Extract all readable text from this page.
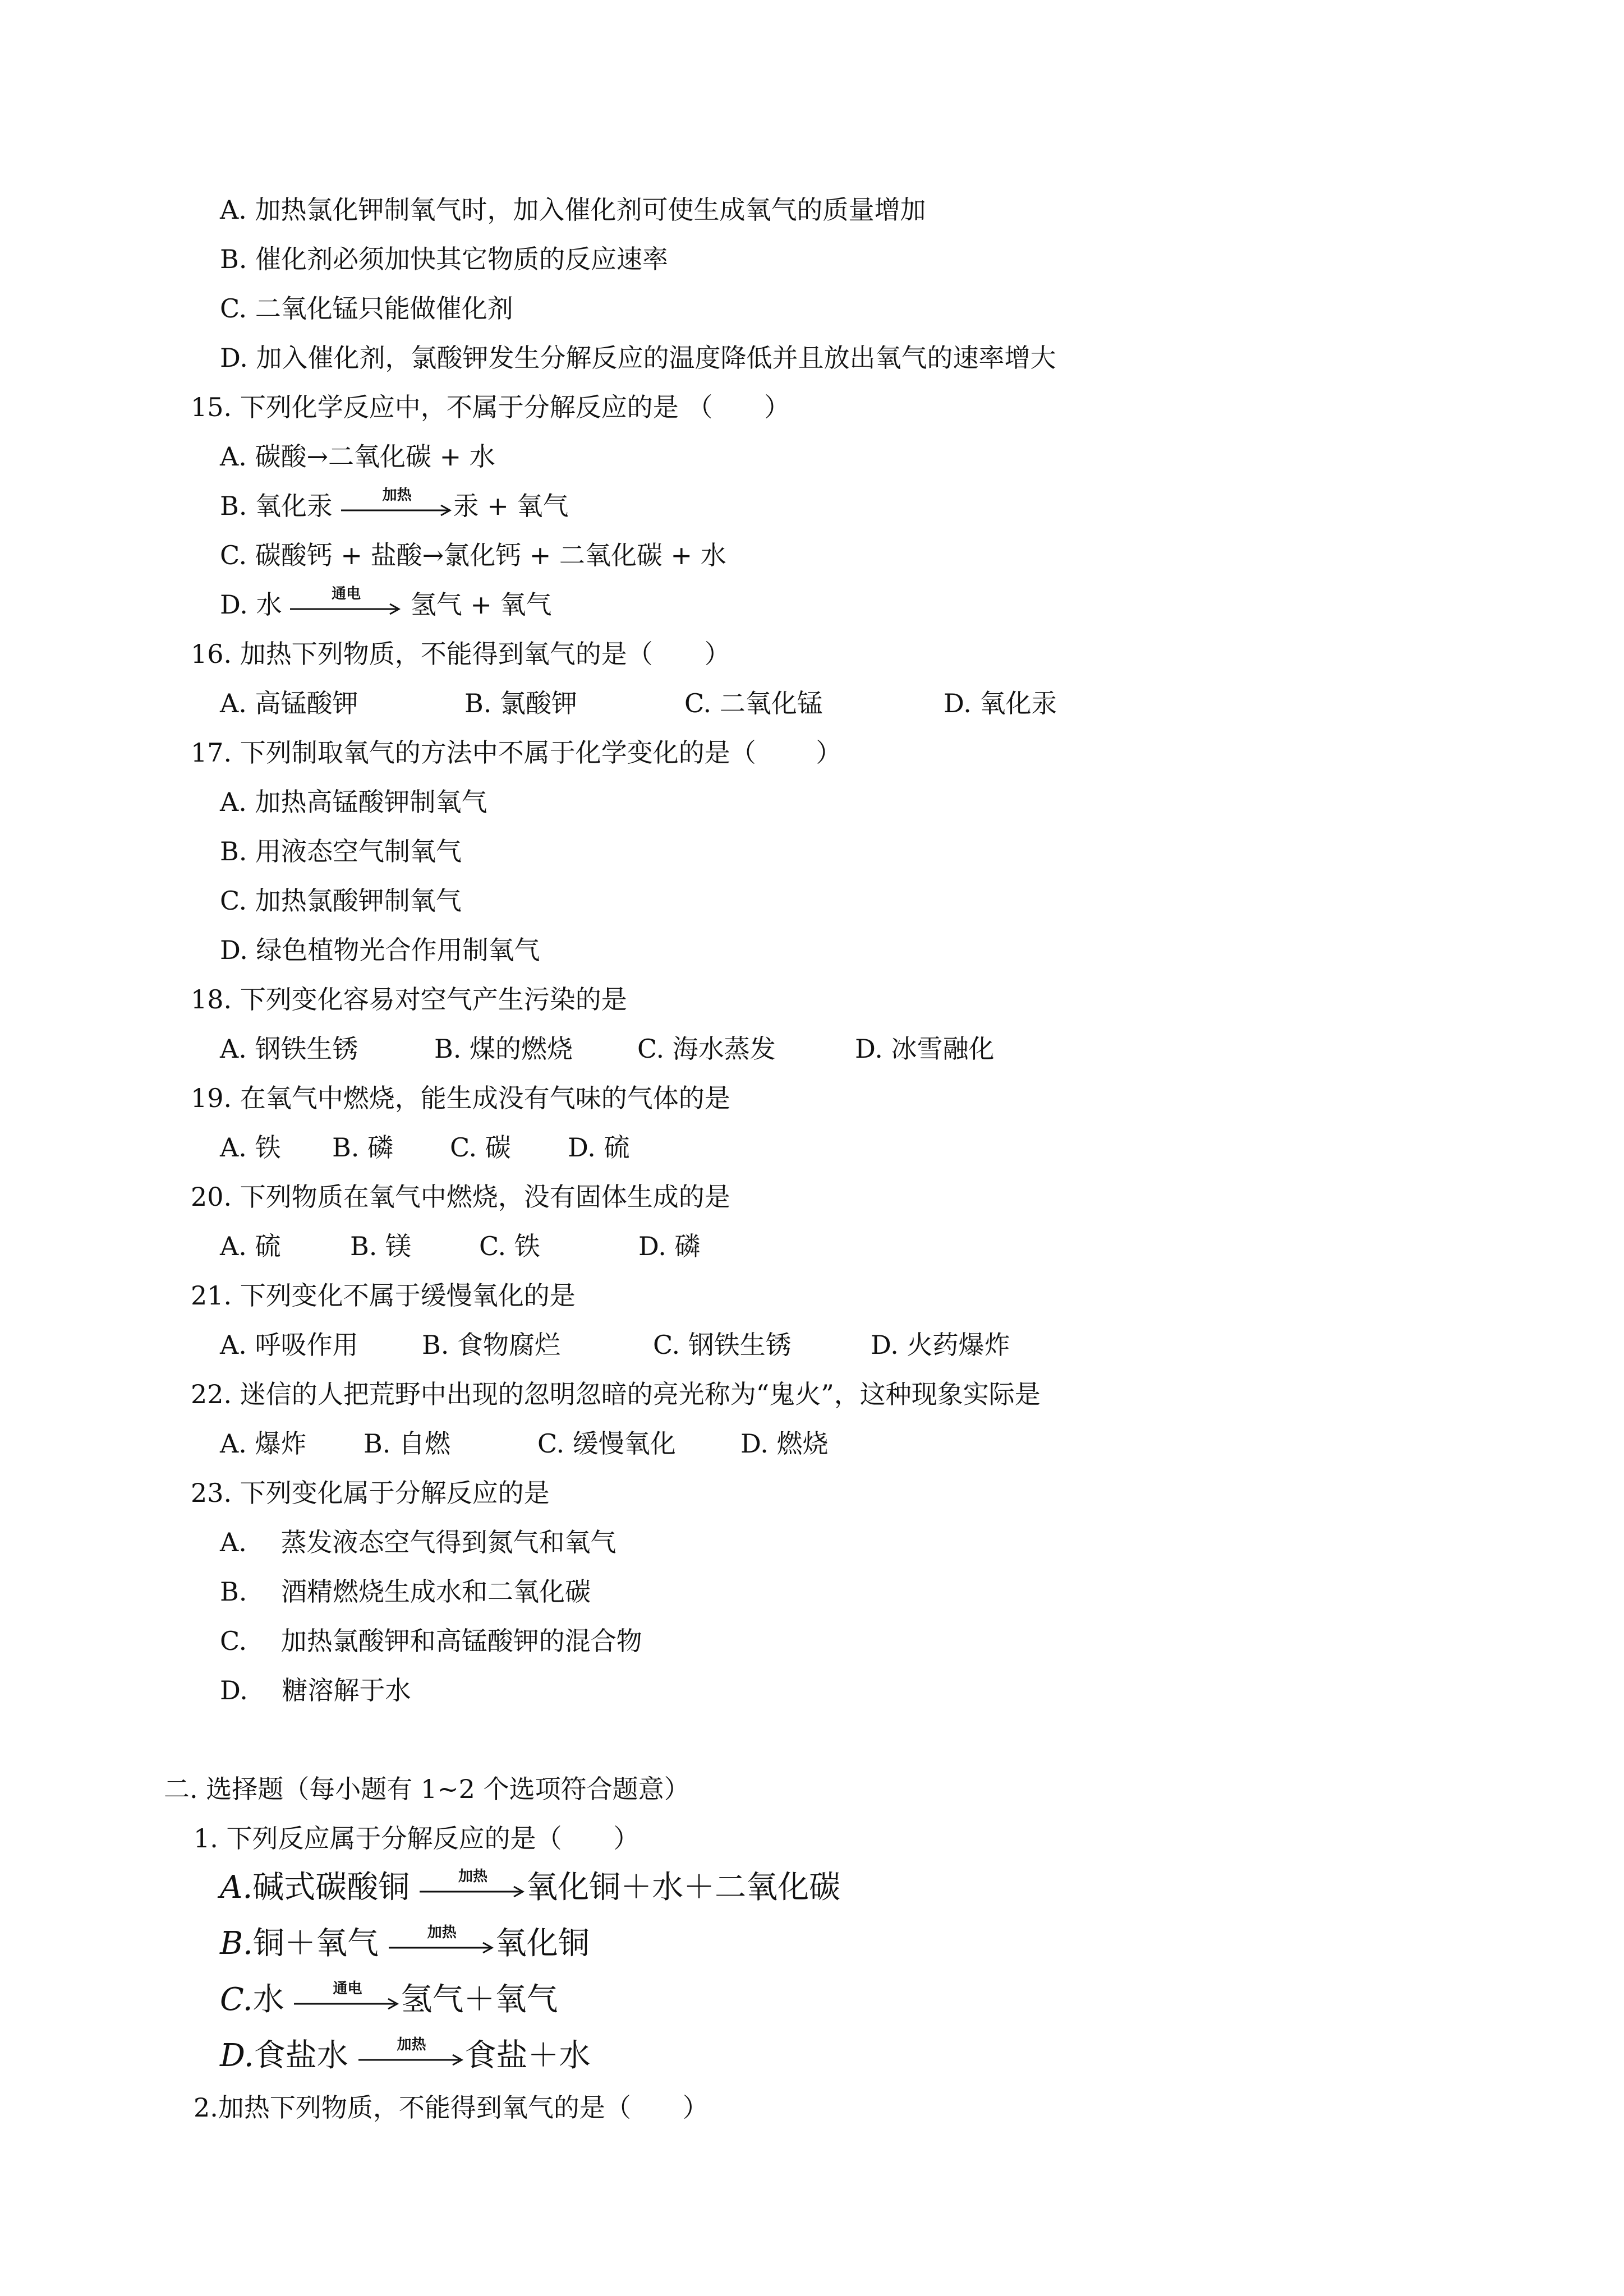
A. 加热氯化钾制氧气时，加入催化剂可使生成氧气的质量增加
B. 催化剂必须加快其它物质的反应速率
C. 二氧化锰只能做催化剂
D. 加入催化剂，氯酸钾发生分解反应的温度降低并且放出氧气的速率增大
15. 下列化学反应中，不属于分解反应的是 （　　）
A. 碳酸→二氧化碳 + 水
B. 氧化汞	加热	汞 + 氧气
C. 碳酸钙 + 盐酸→氯化钙 + 二氧化碳 + 水
D. 水	通电	氢气 + 氧气
16. 加热下列物质，不能得到氧气的是（　　）
A. 高锰酸钾	B. 氯酸钾	C. 二氧化锰	D. 氧化汞
17. 下列制取氧气的方法中不属于化学变化的是（　　 ）
A. 加热高锰酸钾制氧气
B. 用液态空气制氧气
C. 加热氯酸钾制氧气
D. 绿色植物光合作用制氧气
18. 下列变化容易对空气产生污染的是
A. 钢铁生锈	B. 煤的燃烧 C. 海水蒸发	D. 冰雪融化
19. 在氧气中燃烧，能生成没有气味的气体的是
A. 铁 B. 磷 C. 碳 D. 硫
20. 下列物质在氧气中燃烧，没有固体生成的是
A. 硫	B. 镁	C. 铁	D. 磷
21. 下列变化不属于缓慢氧化的是
A. 呼吸作用 B. 食物腐烂	C. 钢铁生锈	D. 火药爆炸
22. 迷信的人把荒野中出现的忽明忽暗的亮光称为“鬼火”，这种现象实际是
A. 爆炸 B. 自燃	C. 缓慢氧化	D. 燃烧
23. 下列变化属于分解反应的是
A.　 蒸发液态空气得到氮气和氧气
B.　 酒精燃烧生成水和二氧化碳
C.　 加热氯酸钾和高锰酸钾的混合物
D.　 糖溶解于水
二. 选择题（每小题有 1~2 个选项符合题意）
1. 下列反应属于分解反应的是（　　）
A.碱式碳酸铜	加热	氧化铜＋水＋二氧化碳
B.铜＋氧气	加热	氧化铜
C.水	通电	氢气＋氧气
D.食盐水	加热	食盐＋水
2.加热下列物质，不能得到氧气的是（　　）
